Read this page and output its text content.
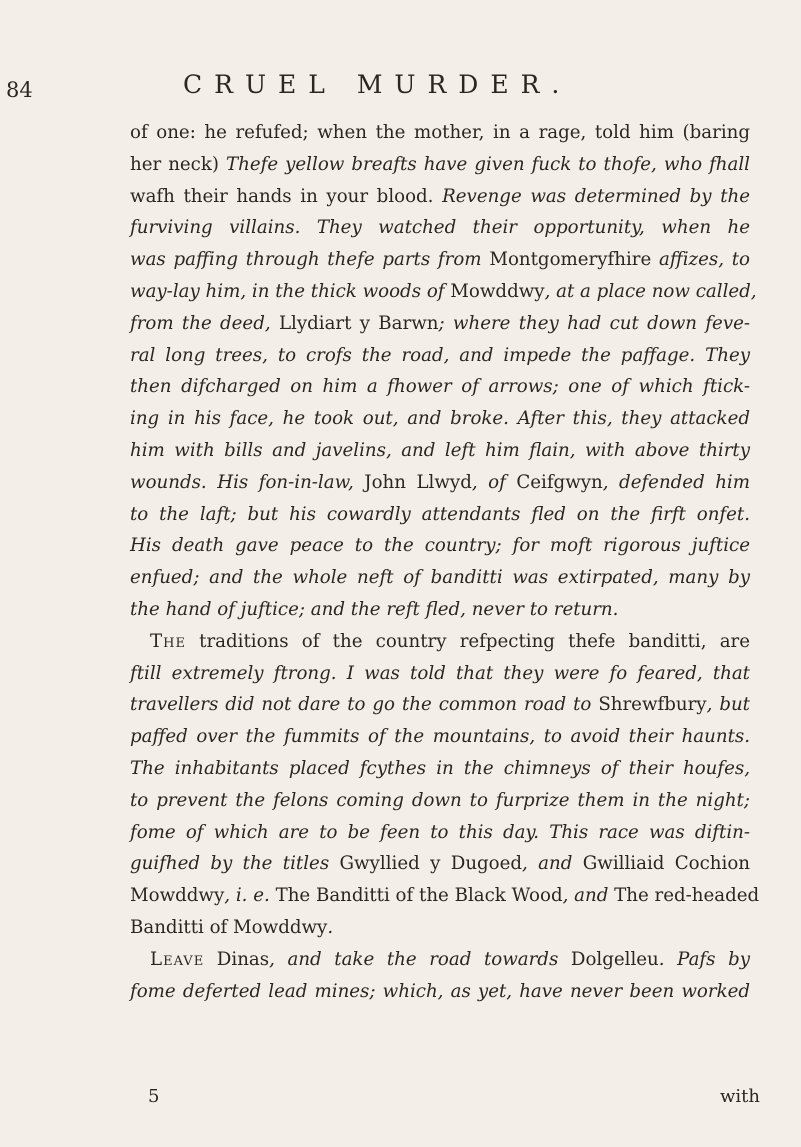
84	CRUEL MURDER.
of one: he refufed; when the mother, in a rage, told him (baring
her neck) Thefe yellow breafts have given fuck to thofe, who fhall
wafh their hands in your blood. Revenge was determined by the
furviving villains. They watched their opportunity, when he
was paffing through thefe parts from Montgomeryfhire affizes, to
way-lay him, in the thick woods of Mowddwy, at a place now called,
from the deed, Llydiart y Barwn; where they had cut down feve-
ral long trees, to crofs the road, and impede the paffage. They
then difcharged on him a fhower of arrows; one of which ftick-
ing in his face, he took out, and broke. After this, they attacked
him with bills and javelins, and left him flain, with above thirty
wounds. His fon-in-law, John Llwyd, of Ceifgwyn, defended him
to the laft; but his cowardly attendants fled on the firft onfet.
His death gave peace to the country; for moft rigorous juftice
enfued; and the whole neft of banditti was extirpated, many by
the hand of juftice; and the reft fled, never to return.
The traditions of the country refpecting thefe banditti, are
ftill extremely ftrong. I was told that they were fo feared, that
travellers did not dare to go the common road to Shrewfbury, but
paffed over the fummits of the mountains, to avoid their haunts.
The inhabitants placed fcythes in the chimneys of their houfes,
to prevent the felons coming down to furprize them in the night;
fome of which are to be feen to this day. This race was diftin-
guifhed by the titles Gwyllied y Dugoed, and Gwilliaid Cochion
Mowddwy, i. e. The Banditti of the Black Wood, and The red-headed
Banditti of Mowddwy.
Leave Dinas, and take the road towards Dolgelleu. Pafs by
fome deferted lead mines; which, as yet, have never been worked
5	with
